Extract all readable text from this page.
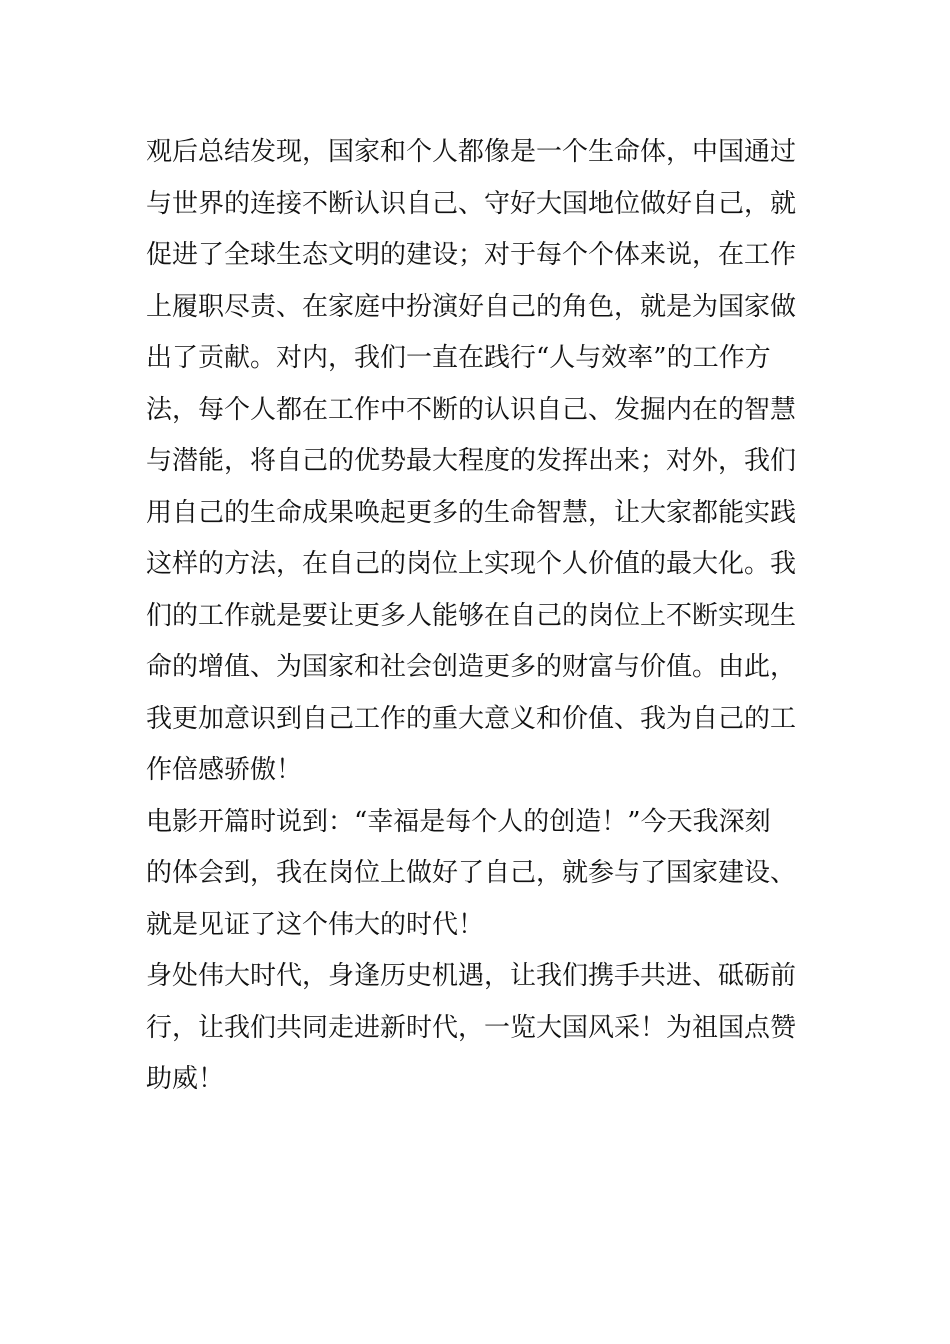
观后总结发现，国家和个人都像是一个生命体，中国通过
与世界的连接不断认识自己、守好大国地位做好自己，就
促进了全球生态文明的建设；对于每个个体来说，在工作
上履职尽责、在家庭中扮演好自己的角色，就是为国家做
出了贡献。对内，我们一直在践行“人与效率”的工作方
法，每个人都在工作中不断的认识自己、发掘内在的智慧
与潜能，将自己的优势最大程度的发挥出来；对外，我们
用自己的生命成果唤起更多的生命智慧，让大家都能实践
这样的方法，在自己的岗位上实现个人价值的最大化。我
们的工作就是要让更多人能够在自己的岗位上不断实现生
命的增值、为国家和社会创造更多的财富与价值。由此，
我更加意识到自己工作的重大意义和价值、我为自己的工
作倍感骄傲！

电影开篇时说到：“幸福是每个人的创造！”今天我深刻
的体会到，我在岗位上做好了自己，就参与了国家建设、
就是见证了这个伟大的时代！

身处伟大时代，身逢历史机遇，让我们携手共进、砥砺前
行，让我们共同走进新时代，一览大国风采！为祖国点赞
助威！
